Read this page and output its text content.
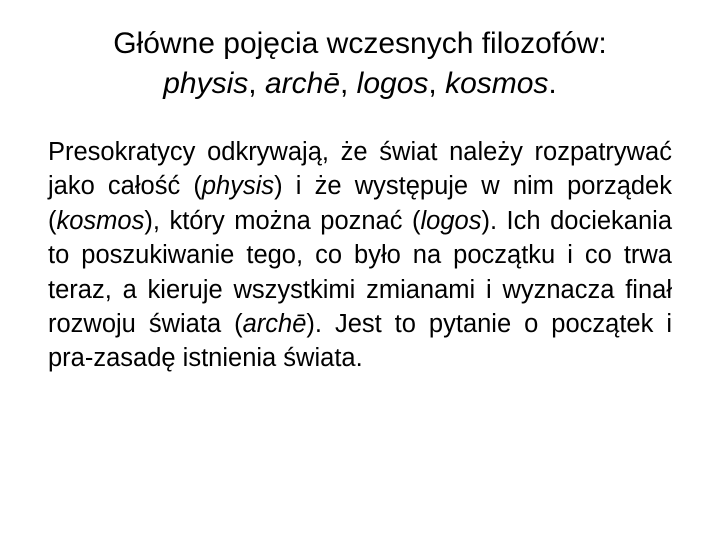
Główne pojęcia wczesnych filozofów:
physis, archē, logos, kosmos.
Presokratycy odkrywają, że świat należy rozpatrywać jako całość (physis) i że występuje w nim porządek (kosmos), który można poznać (logos). Ich dociekania to poszukiwanie tego, co było na początku i co trwa teraz, a kieruje wszystkimi zmianami i wyznacza finał rozwoju świata (archē). Jest to pytanie o początek i pra-zasadę istnienia świata.
